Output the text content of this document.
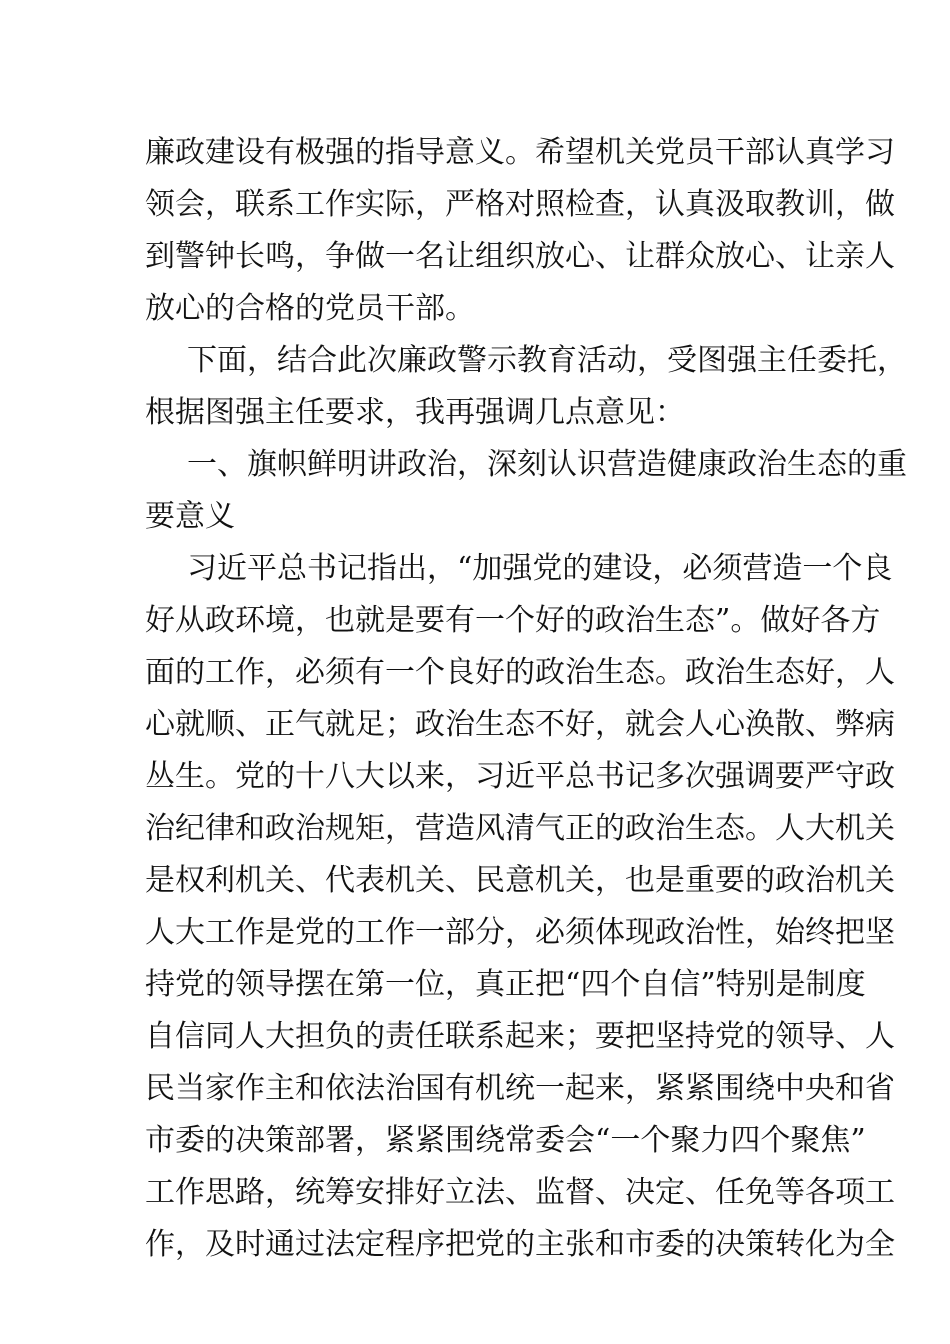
廉政建设有极强的指导意义。希望机关党员干部认真学习
领会，联系工作实际，严格对照检查，认真汲取教训，做
到警钟长鸣，争做一名让组织放心、让群众放心、让亲人
放心的合格的党员干部。
下面，结合此次廉政警示教育活动，受图强主任委托，
根据图强主任要求，我再强调几点意见：
一、旗帜鲜明讲政治，深刻认识营造健康政治生态的重
要意义
习近平总书记指出，“加强党的建设，必须营造一个良
好从政环境，也就是要有一个好的政治生态”。做好各方
面的工作，必须有一个良好的政治生态。政治生态好，人
心就顺、正气就足；政治生态不好，就会人心涣散、弊病
丛生。党的十八大以来，习近平总书记多次强调要严守政
治纪律和政治规矩，营造风清气正的政治生态。人大机关
是权利机关、代表机关、民意机关，也是重要的政治机关
人大工作是党的工作一部分，必须体现政治性，始终把坚
持党的领导摆在第一位，真正把“四个自信”特别是制度
自信同人大担负的责任联系起来；要把坚持党的领导、人
民当家作主和依法治国有机统一起来，紧紧围绕中央和省
市委的决策部署，紧紧围绕常委会“一个聚力四个聚焦”
工作思路，统筹安排好立法、监督、决定、任免等各项工
作，及时通过法定程序把党的主张和市委的决策转化为全
